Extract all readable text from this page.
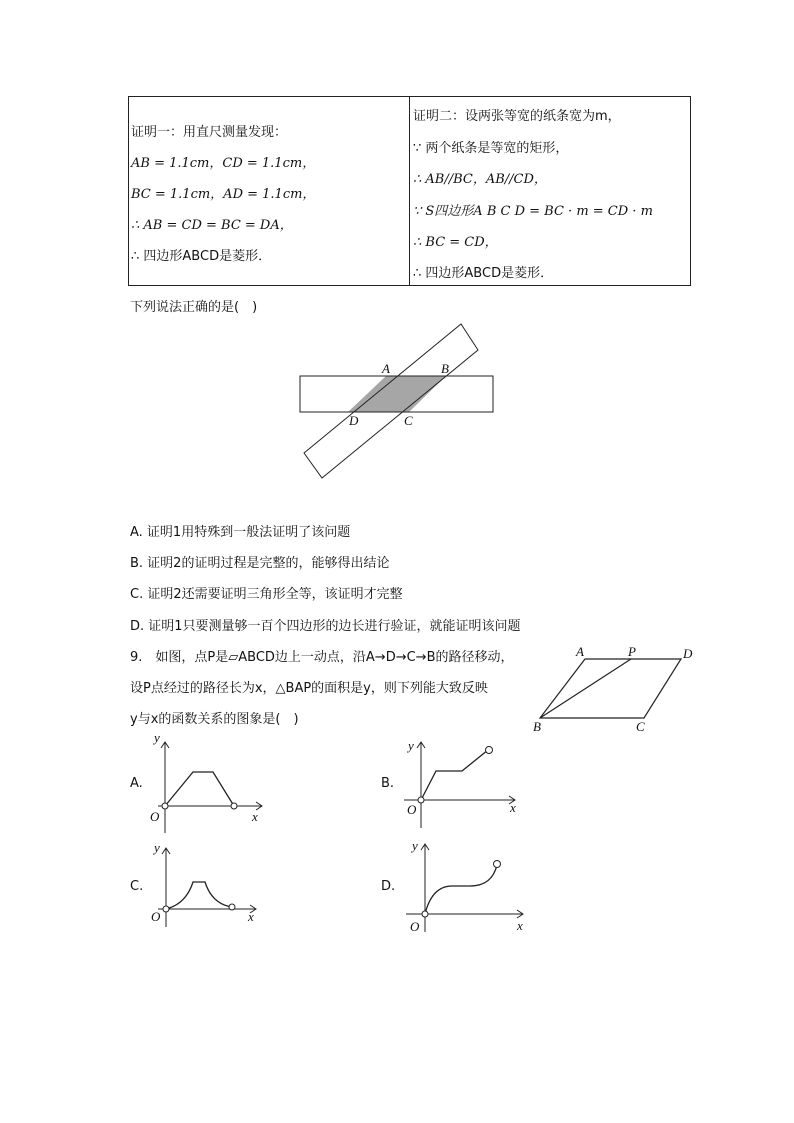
证明一：用直尺测量发现：
AB = 1.1cm，CD = 1.1cm，
BC = 1.1cm，AD = 1.1cm，
∴ AB = CD = BC = DA，
∴ 四边形ABCD是菱形．
证明二：设两张等宽的纸条宽为m，
∵ 两个纸条是等宽的矩形，
∴ AB//BC，AB//CD，
∵ S四边形A B C D = BC · m = CD · m
∴ BC = CD，
∴ 四边形ABCD是菱形．
下列说法正确的是(　)
A	B
D	C
A. 证明1用特殊到一般法证明了该问题
B. 证明2的证明过程是完整的，能够得出结论
C. 证明2还需要证明三角形全等，该证明才完整
D. 证明1只要测量够一百个四边形的边长进行验证，就能证明该问题
9.　如图，点P是▱ABCD边上一动点，沿A→D→C→B的路径移动，
设P点经过的路径长为x，△BAP的面积是y，则下列能大致反映
y与x的函数关系的图象是(　)
A	P	D
B	C
A.
y
x
O
B.
y
x
O
C.
y
x
O
D.
y
x
O
